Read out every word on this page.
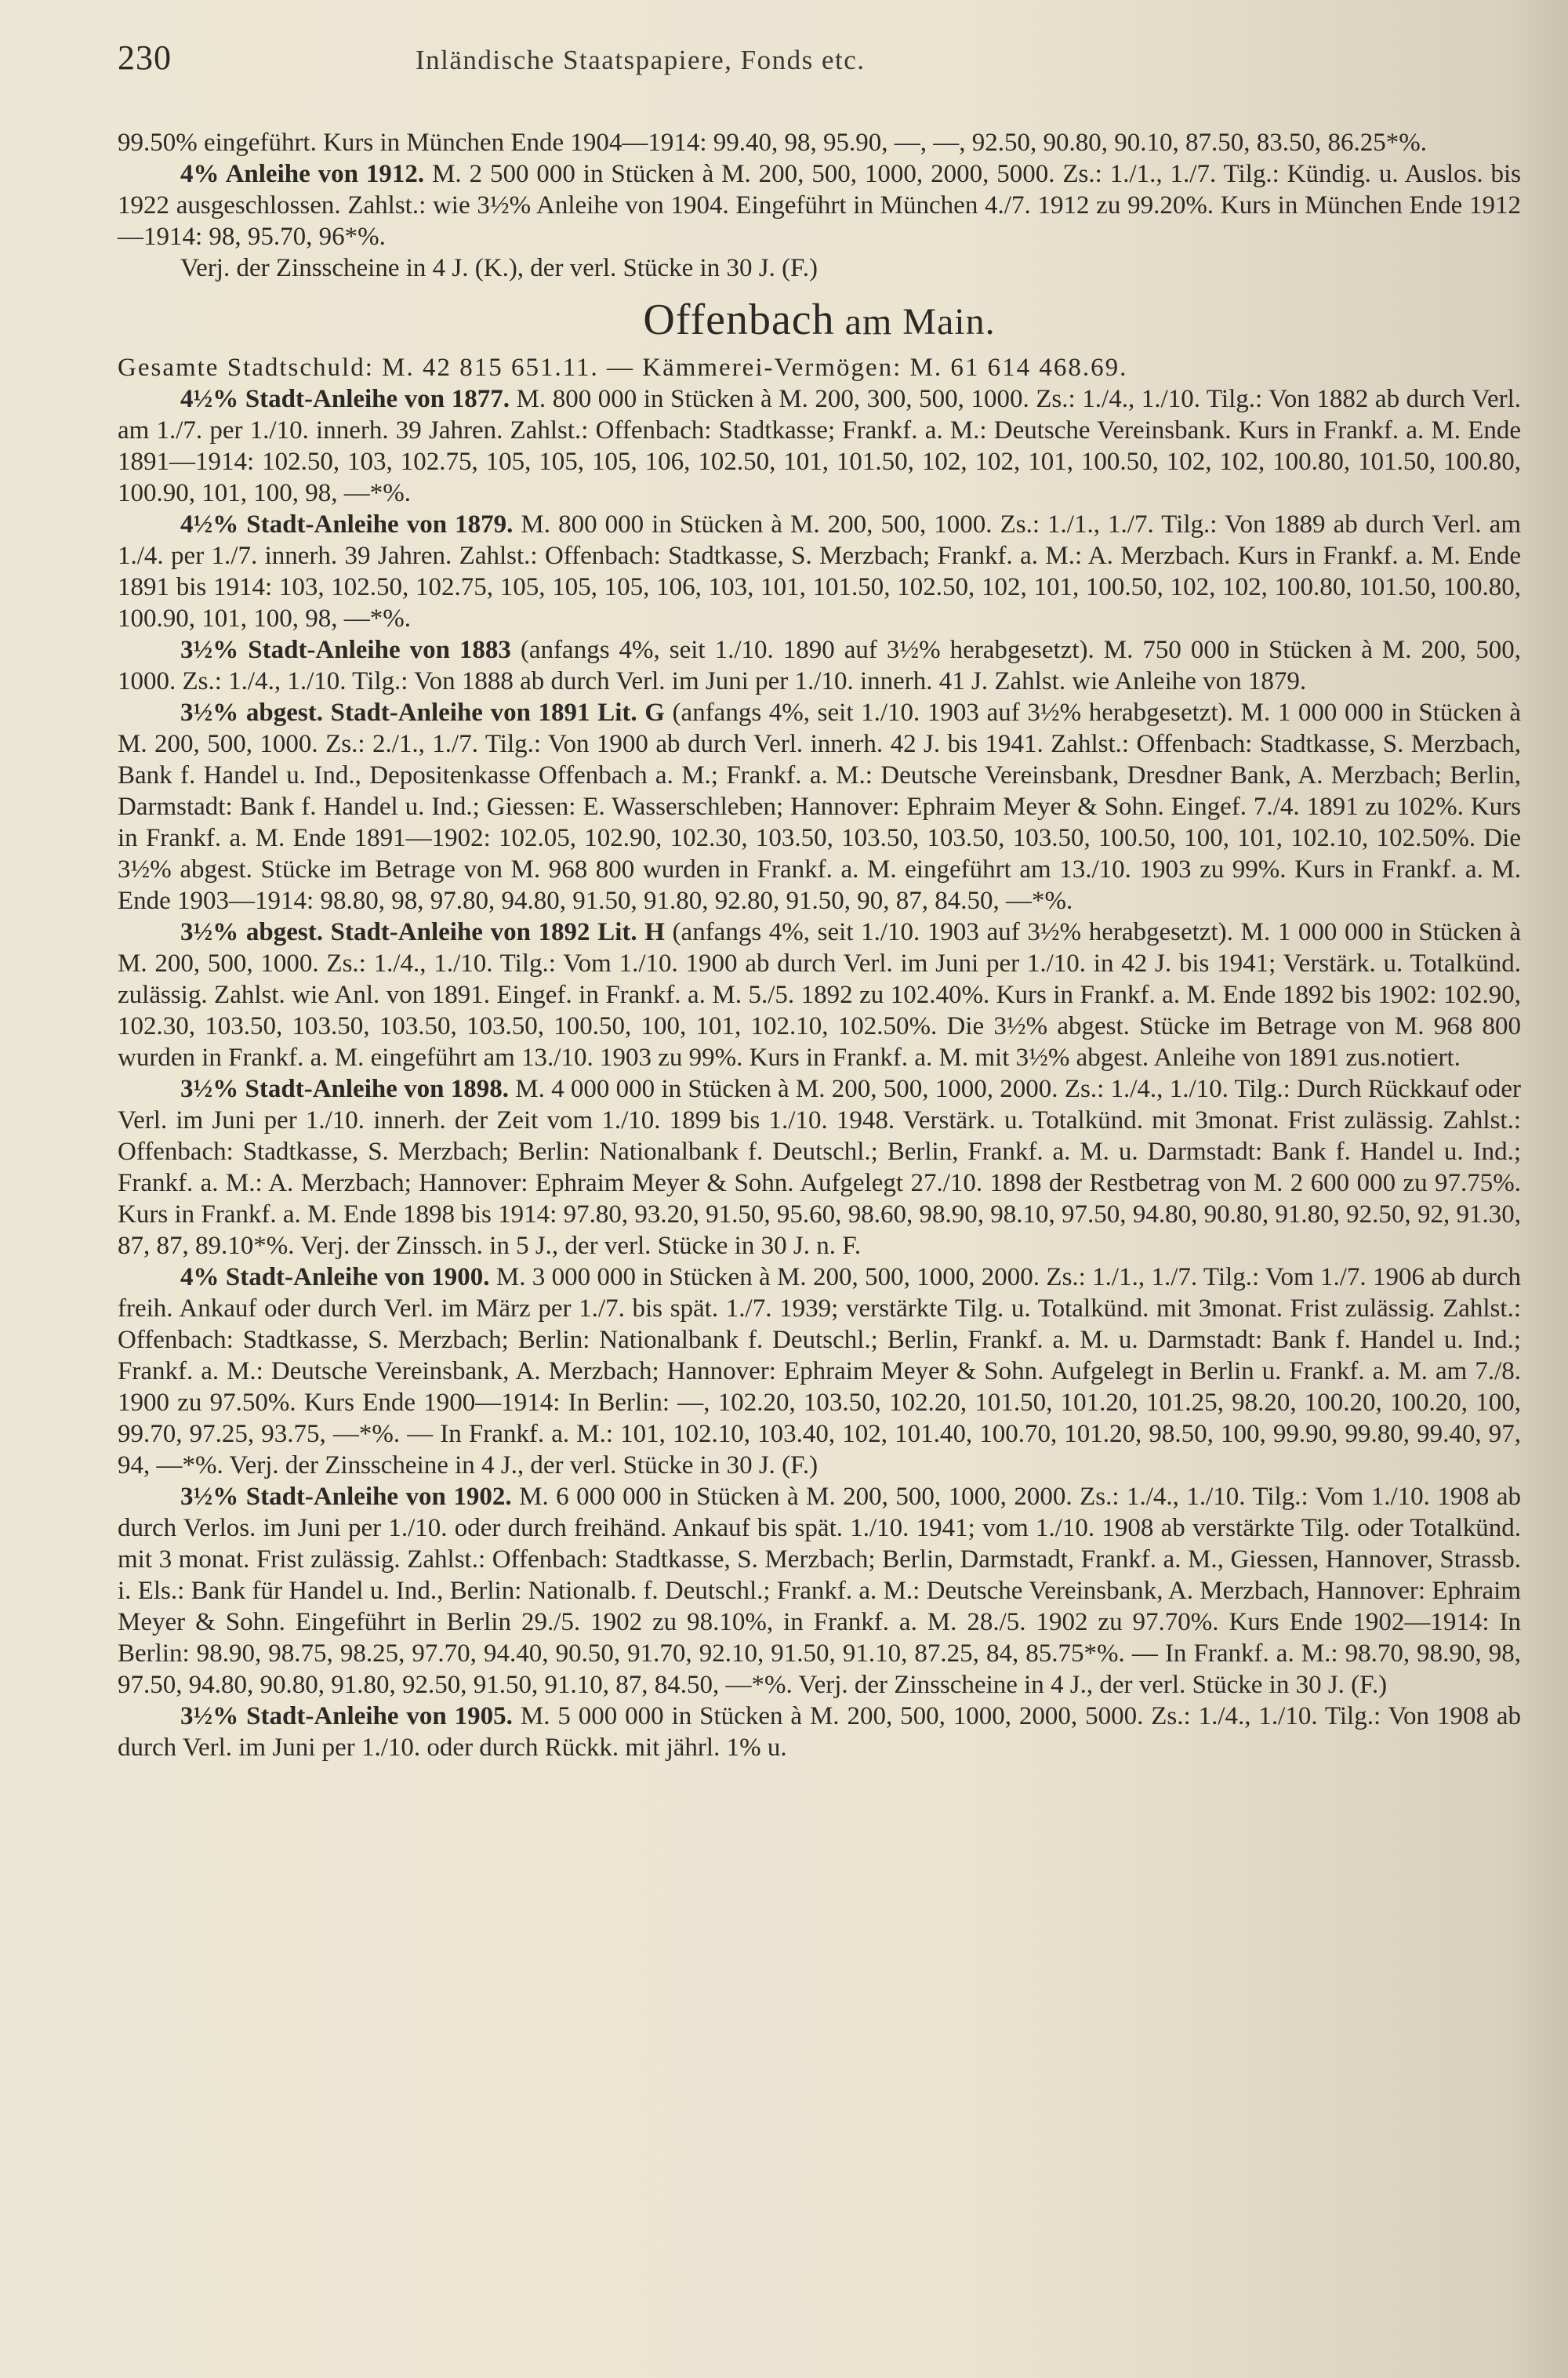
230	Inländische Staatspapiere, Fonds etc.

99.50% eingeführt. Kurs in München Ende 1904—1914: 99.40, 98, 95.90, —, —, 92.50, 90.80, 90.10, 87.50, 83.50, 86.25*%.

4% Anleihe von 1912. M. 2 500 000 in Stücken à M. 200, 500, 1000, 2000, 5000. Zs.: 1./1., 1./7. Tilg.: Kündig. u. Auslos. bis 1922 ausgeschlossen. Zahlst.: wie 3½% Anleihe von 1904. Eingeführt in München 4./7. 1912 zu 99.20%. Kurs in München Ende 1912—1914: 98, 95.70, 96*%.

Verj. der Zinsscheine in 4 J. (K.), der verl. Stücke in 30 J. (F.)

Offenbach am Main.

Gesamte Stadtschuld: M. 42 815 651.11. — Kämmerei-Vermögen: M. 61 614 468.69.

4½% Stadt-Anleihe von 1877. M. 800 000 in Stücken à M. 200, 300, 500, 1000. Zs.: 1./4., 1./10. Tilg.: Von 1882 ab durch Verl. am 1./7. per 1./10. innerh. 39 Jahren. Zahlst.: Offenbach: Stadtkasse; Frankf. a. M.: Deutsche Vereinsbank. Kurs in Frankf. a. M. Ende 1891—1914: 102.50, 103, 102.75, 105, 105, 105, 106, 102.50, 101, 101.50, 102, 102, 101, 100.50, 102, 102, 100.80, 101.50, 100.80, 100.90, 101, 100, 98, —*%.

4½% Stadt-Anleihe von 1879. M. 800 000 in Stücken à M. 200, 500, 1000. Zs.: 1./1., 1./7. Tilg.: Von 1889 ab durch Verl. am 1./4. per 1./7. innerh. 39 Jahren. Zahlst.: Offenbach: Stadtkasse, S. Merzbach; Frankf. a. M.: A. Merzbach. Kurs in Frankf. a. M. Ende 1891 bis 1914: 103, 102.50, 102.75, 105, 105, 105, 106, 103, 101, 101.50, 102.50, 102, 101, 100.50, 102, 102, 100.80, 101.50, 100.80, 100.90, 101, 100, 98, —*%.

3½% Stadt-Anleihe von 1883 (anfangs 4%, seit 1./10. 1890 auf 3½% herabgesetzt). M. 750 000 in Stücken à M. 200, 500, 1000. Zs.: 1./4., 1./10. Tilg.: Von 1888 ab durch Verl. im Juni per 1./10. innerh. 41 J. Zahlst. wie Anleihe von 1879.

3½% abgest. Stadt-Anleihe von 1891 Lit. G (anfangs 4%, seit 1./10. 1903 auf 3½% herabgesetzt). M. 1 000 000 in Stücken à M. 200, 500, 1000. Zs.: 2./1., 1./7. Tilg.: Von 1900 ab durch Verl. innerh. 42 J. bis 1941. Zahlst.: Offenbach: Stadtkasse, S. Merzbach, Bank f. Handel u. Ind., Depositenkasse Offenbach a. M.; Frankf. a. M.: Deutsche Vereinsbank, Dresdner Bank, A. Merzbach; Berlin, Darmstadt: Bank f. Handel u. Ind.; Giessen: E. Wasserschleben; Hannover: Ephraim Meyer & Sohn. Eingef. 7./4. 1891 zu 102%. Kurs in Frankf. a. M. Ende 1891—1902: 102.05, 102.90, 102.30, 103.50, 103.50, 103.50, 103.50, 100.50, 100, 101, 102.10, 102.50%. Die 3½% abgest. Stücke im Betrage von M. 968 800 wurden in Frankf. a. M. eingeführt am 13./10. 1903 zu 99%. Kurs in Frankf. a. M. Ende 1903—1914: 98.80, 98, 97.80, 94.80, 91.50, 91.80, 92.80, 91.50, 90, 87, 84.50, —*%.

3½% abgest. Stadt-Anleihe von 1892 Lit. H (anfangs 4%, seit 1./10. 1903 auf 3½% herabgesetzt). M. 1 000 000 in Stücken à M. 200, 500, 1000. Zs.: 1./4., 1./10. Tilg.: Vom 1./10. 1900 ab durch Verl. im Juni per 1./10. in 42 J. bis 1941; Verstärk. u. Totalkünd. zulässig. Zahlst. wie Anl. von 1891. Eingef. in Frankf. a. M. 5./5. 1892 zu 102.40%. Kurs in Frankf. a. M. Ende 1892 bis 1902: 102.90, 102.30, 103.50, 103.50, 103.50, 103.50, 100.50, 100, 101, 102.10, 102.50%. Die 3½% abgest. Stücke im Betrage von M. 968 800 wurden in Frankf. a. M. eingeführt am 13./10. 1903 zu 99%. Kurs in Frankf. a. M. mit 3½% abgest. Anleihe von 1891 zus.notiert.

3½% Stadt-Anleihe von 1898. M. 4 000 000 in Stücken à M. 200, 500, 1000, 2000. Zs.: 1./4., 1./10. Tilg.: Durch Rückkauf oder Verl. im Juni per 1./10. innerh. der Zeit vom 1./10. 1899 bis 1./10. 1948. Verstärk. u. Totalkünd. mit 3monat. Frist zulässig. Zahlst.: Offenbach: Stadtkasse, S. Merzbach; Berlin: Nationalbank f. Deutschl.; Berlin, Frankf. a. M. u. Darmstadt: Bank f. Handel u. Ind.; Frankf. a. M.: A. Merzbach; Hannover: Ephraim Meyer & Sohn. Aufgelegt 27./10. 1898 der Restbetrag von M. 2 600 000 zu 97.75%. Kurs in Frankf. a. M. Ende 1898 bis 1914: 97.80, 93.20, 91.50, 95.60, 98.60, 98.90, 98.10, 97.50, 94.80, 90.80, 91.80, 92.50, 92, 91.30, 87, 87, 89.10*%. Verj. der Zinssch. in 5 J., der verl. Stücke in 30 J. n. F.

4% Stadt-Anleihe von 1900. M. 3 000 000 in Stücken à M. 200, 500, 1000, 2000. Zs.: 1./1., 1./7. Tilg.: Vom 1./7. 1906 ab durch freih. Ankauf oder durch Verl. im März per 1./7. bis spät. 1./7. 1939; verstärkte Tilg. u. Totalkünd. mit 3monat. Frist zulässig. Zahlst.: Offenbach: Stadtkasse, S. Merzbach; Berlin: Nationalbank f. Deutschl.; Berlin, Frankf. a. M. u. Darmstadt: Bank f. Handel u. Ind.; Frankf. a. M.: Deutsche Vereinsbank, A. Merzbach; Hannover: Ephraim Meyer & Sohn. Aufgelegt in Berlin u. Frankf. a. M. am 7./8. 1900 zu 97.50%. Kurs Ende 1900—1914: In Berlin: —, 102.20, 103.50, 102.20, 101.50, 101.20, 101.25, 98.20, 100.20, 100.20, 100, 99.70, 97.25, 93.75, —*%. — In Frankf. a. M.: 101, 102.10, 103.40, 102, 101.40, 100.70, 101.20, 98.50, 100, 99.90, 99.80, 99.40, 97, 94, —*%. Verj. der Zinsscheine in 4 J., der verl. Stücke in 30 J. (F.)

3½% Stadt-Anleihe von 1902. M. 6 000 000 in Stücken à M. 200, 500, 1000, 2000. Zs.: 1./4., 1./10. Tilg.: Vom 1./10. 1908 ab durch Verlos. im Juni per 1./10. oder durch freihänd. Ankauf bis spät. 1./10. 1941; vom 1./10. 1908 ab verstärkte Tilg. oder Totalkünd. mit 3 monat. Frist zulässig. Zahlst.: Offenbach: Stadtkasse, S. Merzbach; Berlin, Darmstadt, Frankf. a. M., Giessen, Hannover, Strassb. i. Els.: Bank für Handel u. Ind., Berlin: Nationalb. f. Deutschl.; Frankf. a. M.: Deutsche Vereinsbank, A. Merzbach, Hannover: Ephraim Meyer & Sohn. Eingeführt in Berlin 29./5. 1902 zu 98.10%, in Frankf. a. M. 28./5. 1902 zu 97.70%. Kurs Ende 1902—1914: In Berlin: 98.90, 98.75, 98.25, 97.70, 94.40, 90.50, 91.70, 92.10, 91.50, 91.10, 87.25, 84, 85.75*%. — In Frankf. a. M.: 98.70, 98.90, 98, 97.50, 94.80, 90.80, 91.80, 92.50, 91.50, 91.10, 87, 84.50, —*%. Verj. der Zinsscheine in 4 J., der verl. Stücke in 30 J. (F.)

3½% Stadt-Anleihe von 1905. M. 5 000 000 in Stücken à M. 200, 500, 1000, 2000, 5000. Zs.: 1./4., 1./10. Tilg.: Von 1908 ab durch Verl. im Juni per 1./10. oder durch Rückk. mit jährl. 1% u.
